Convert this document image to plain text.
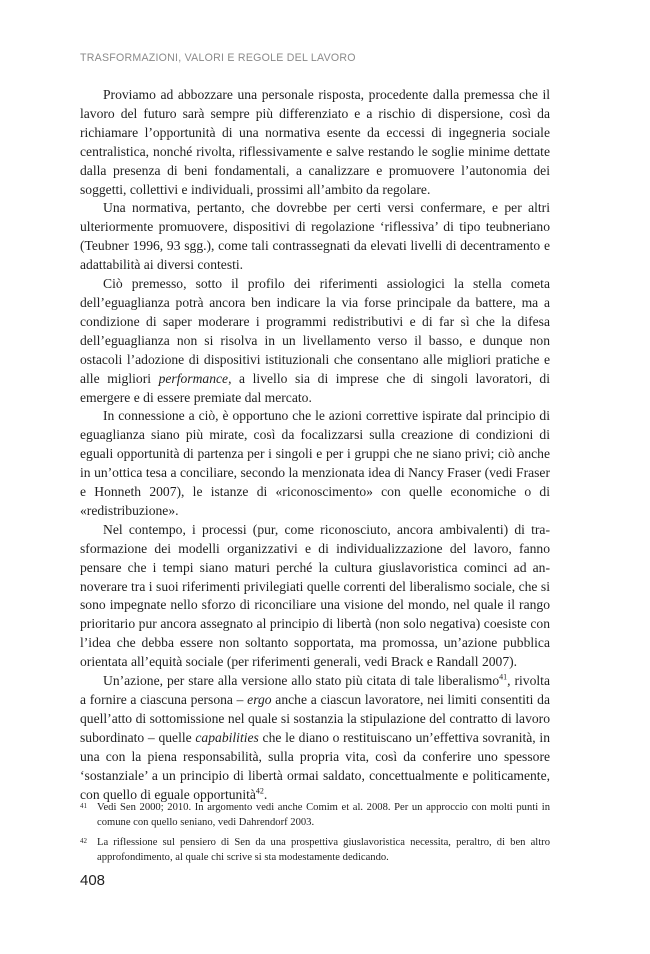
TRASFORMAZIONI, VALORI E REGOLE DEL LAVORO

Proviamo ad abbozzare una personale risposta, procedente dalla premessa che il lavoro del futuro sarà sempre più differenziato e a rischio di dispersione, così da richiamare l’opportunità di una normativa esente da eccessi di ingegneria sociale centralistica, nonché rivolta, riflessivamente e salve restando le soglie minime dettate dalla presenza di beni fondamentali, a canalizzare e promuovere l’autonomia dei soggetti, collettivi e individuali, prossimi all’ambito da regolare.

Una normativa, pertanto, che dovrebbe per certi versi confermare, e per altri ulteriormente promuovere, dispositivi di regolazione ‘riflessiva’ di tipo teubneriano (Teubner 1996, 93 sgg.), come tali contrassegnati da elevati livelli di decentramento e adattabilità ai diversi contesti.

Ciò premesso, sotto il profilo dei riferimenti assiologici la stella cometa dell’eguaglianza potrà ancora ben indicare la via forse principale da battere, ma a condizione di saper moderare i programmi redistributivi e di far sì che la difesa dell’eguaglianza non si risolva in un livellamento verso il basso, e dunque non ostacoli l’adozione di dispositivi istituzionali che consentano alle migliori pratiche e alle migliori performance, a livello sia di imprese che di singoli lavoratori, di emergere e di essere premiate dal mercato.

In connessione a ciò, è opportuno che le azioni correttive ispirate dal principio di eguaglianza siano più mirate, così da focalizzarsi sulla creazione di condizioni di eguali opportunità di partenza per i singoli e per i gruppi che ne siano privi; ciò anche in un’ottica tesa a conciliare, secondo la menzionata idea di Nancy Fraser (vedi Fraser e Honneth 2007), le istanze di «riconoscimento» con quelle economiche o di «redistribuzione».

Nel contempo, i processi (pur, come riconosciuto, ancora ambivalenti) di trasformazione dei modelli organizzativi e di individualizzazione del lavoro, fanno pensare che i tempi siano maturi perché la cultura giuslavoristica cominci ad annoverare tra i suoi riferimenti privilegiati quelle correnti del liberalismo sociale, che si sono impegnate nello sforzo di riconciliare una visione del mondo, nel quale il rango prioritario pur ancora assegnato al principio di libertà (non solo negativa) coesiste con l’idea che debba essere non soltanto sopportata, ma promossa, un’azione pubblica orientata all’equità sociale (per riferimenti generali, vedi Brack e Randall 2007).

Un’azione, per stare alla versione allo stato più citata di tale liberalismo$^{41}$, rivolta a fornire a ciascuna persona – ergo anche a ciascun lavoratore, nei limiti consentiti da quell’atto di sottomissione nel quale si sostanzia la stipulazione del contratto di lavoro subordinato – quelle capabilities che le diano o restituiscano un’effettiva sovranità, in una con la piena responsabilità, sulla propria vita, così da conferire uno spessore ‘sostanziale’ a un principio di libertà ormai saldato, concettualmente e politicamente, con quello di eguale opportunità$^{42}$.

41 Vedi Sen 2000; 2010. In argomento vedi anche Comim et al. 2008. Per un approccio con molti punti in comune con quello seniano, vedi Dahrendorf 2003.
42 La riflessione sul pensiero di Sen da una prospettiva giuslavoristica necessita, peraltro, di ben altro approfondimento, al quale chi scrive si sta modestamente dedicando.
408
